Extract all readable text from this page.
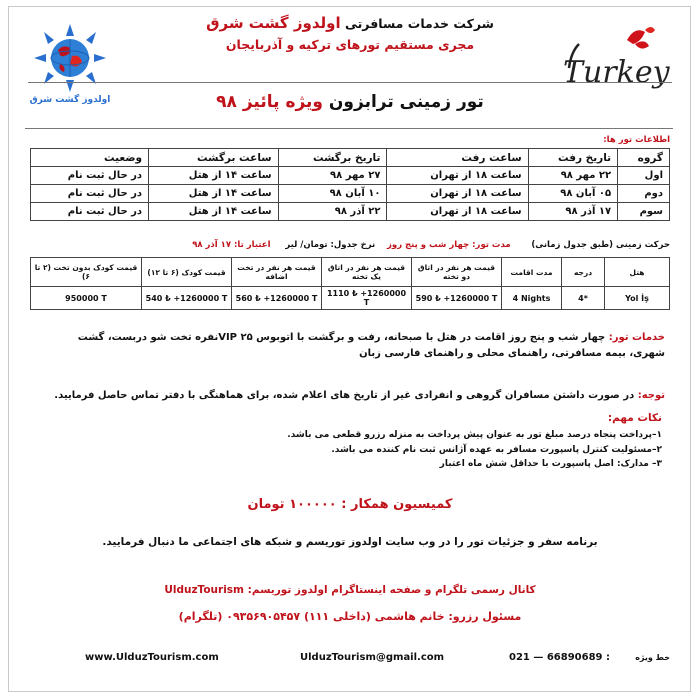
اولدوز گشت شرق
Turkey
شرکت خدمات مسافرتی اولدوز گشت شرق
مجری مستقیم تورهای ترکیه و آذربایجان
تور زمینی ترابزون ویژه پائیز ۹۸
اطلاعات تور ها:
گروه	تاریخ رفت	ساعت رفت	تاریخ برگشت	ساعت برگشت	وضعیت
اول	۲۲ مهر ۹۸	ساعت ۱۸ از تهران	۲۷ مهر ۹۸	ساعت ۱۴ از هتل	در حال ثبت نام
دوم	۰۵ آبان ۹۸	ساعت ۱۸ از تهران	۱۰ آبان ۹۸	ساعت ۱۴ از هتل	در حال ثبت نام
سوم	۱۷ آذر ۹۸	ساعت ۱۸ از تهران	۲۲ آذر ۹۸	ساعت ۱۴ از هتل	در حال ثبت نام
حرکت زمینی (طبق جدول زمانی)       مدت تور: چهار شب و پنج روز    نرخ جدول: تومان/ لیر     اعتبار تا: ۱۷ آذر ۹۸
هتل	درجه	مدت اقامت	قیمت هر نفر در اتاق دو تخته	قیمت هر نفر در اتاق یک تخته	قیمت هر نفر در تخت اضافه	قیمت کودک (۶ تا ۱۲)	قیمت کودک بدون تخت (۲ تا ۶)
Yol İş	4*	4 Nights	590 ₺ +1260000 T	1110 ₺ +1260000 T	560 ₺ +1260000 T	540 ₺ +1260000 T	950000 T
خدمات تور: چهار شب و پنج روز اقامت در هتل با صبحانه، رفت و برگشت با اتوبوس VIP ۲۵نفره تخت شو دربست، گشت شهری، بیمه مسافرتی، راهنمای محلی و راهنمای فارسی زبان
توجه: در صورت داشتن مسافران گروهی و انفرادی غیر از تاریخ های اعلام شده، برای هماهنگی با دفتر تماس حاصل فرمایید.
نکات مهم:
۱–پرداخت پنجاه درصد مبلغ تور به عنوان پیش پرداخت به منزله رزرو قطعی می باشد.
۲–مسئولیت کنترل پاسپورت مسافر به عهده آژانس ثبت نام کننده می باشد.
۳– مدارک: اصل پاسپورت با حداقل شش ماه اعتبار
کمیسیون همکار : ۱۰۰۰۰۰ تومان
برنامه سفر و جزئیات تور را در وب سایت اولدوز توریسم و شبکه های اجتماعی ما دنبال فرمایید.
کانال رسمی تلگرام و صفحه اینستاگرام اولدوز توریسم: UlduzTourism
مسئول رزرو: خانم هاشمی (داخلی ۱۱۱) ۰۹۳۵۶۹۰۵۴۵۷ (تلگرام)
www.UlduzTourism.com	UlduzTourism@gmail.com	021 — 66890689 :	خط ویژه
